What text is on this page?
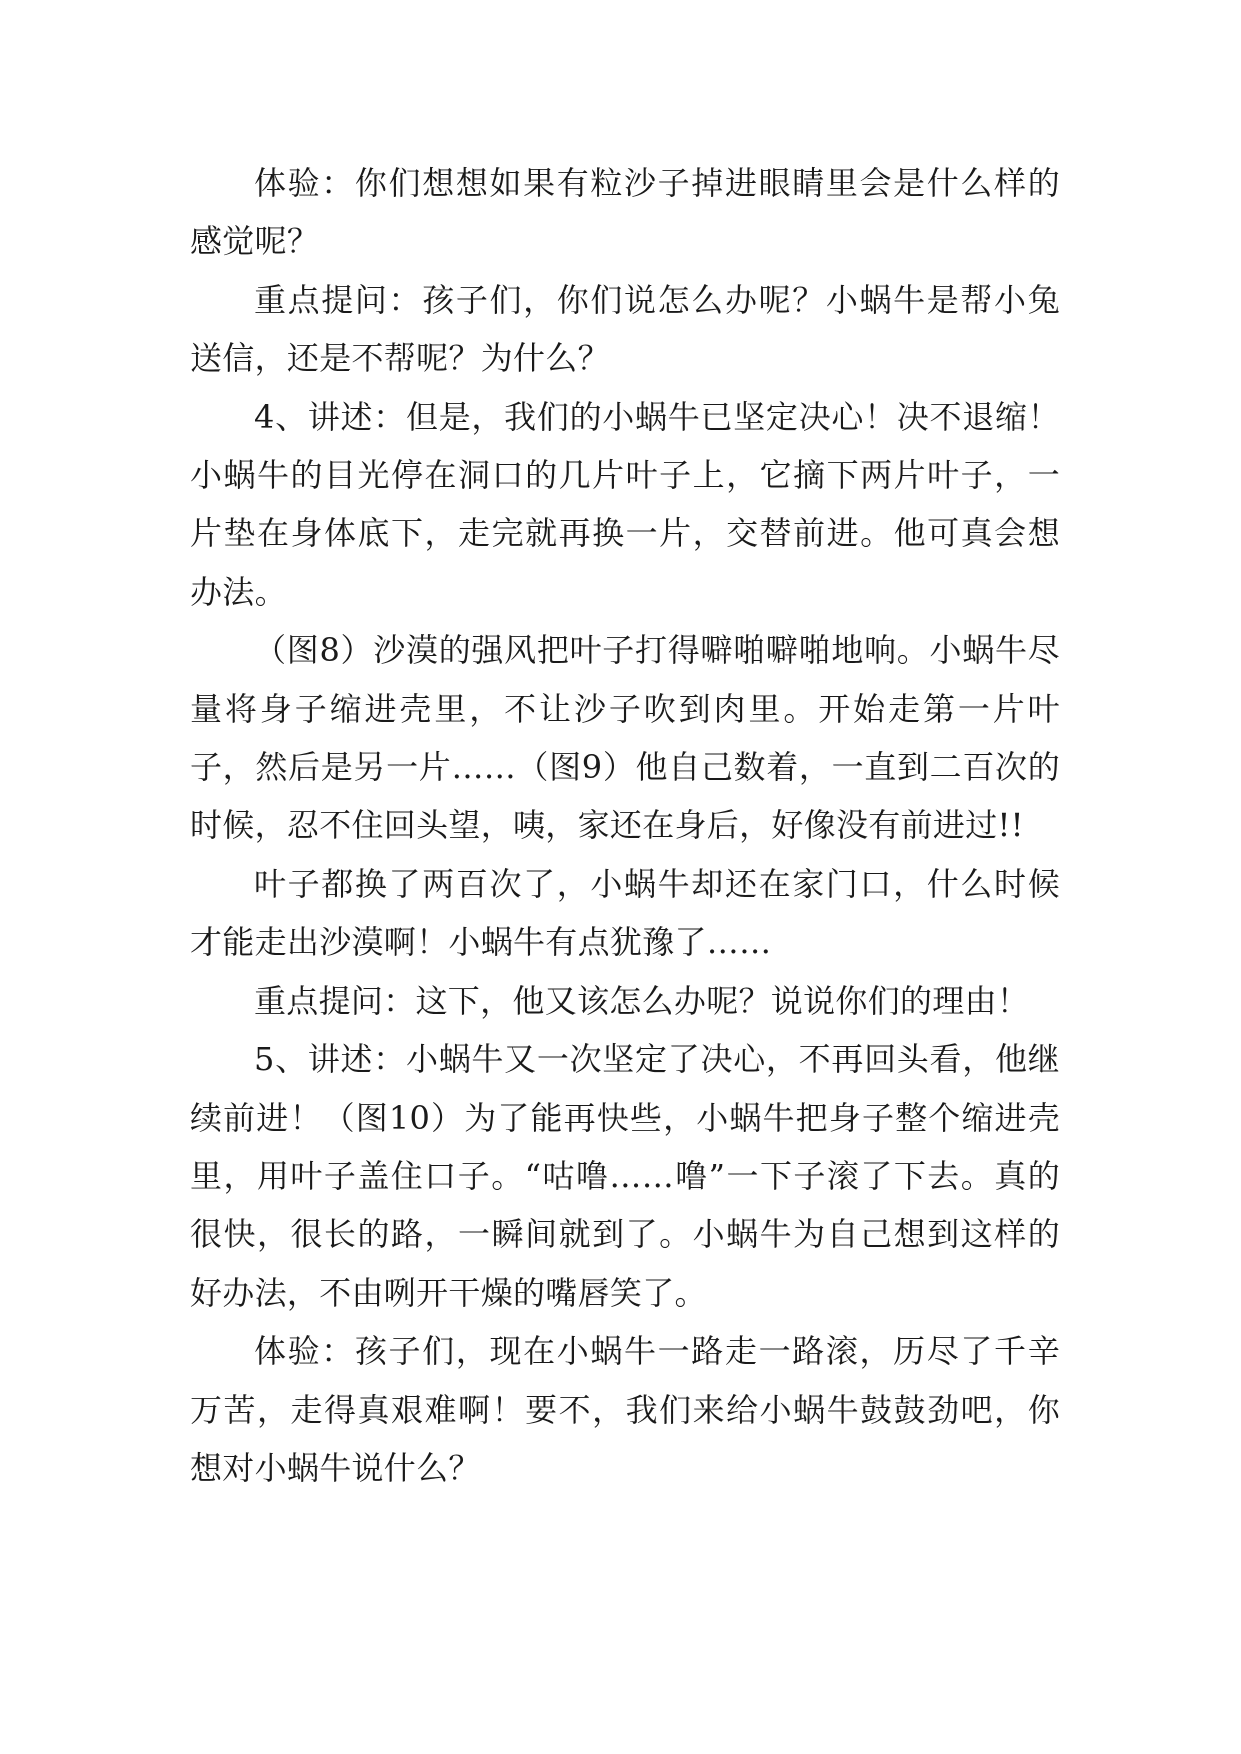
体验：你们想想如果有粒沙子掉进眼睛里会是什么样的感觉呢？

重点提问：孩子们，你们说怎么办呢？小蜗牛是帮小兔送信，还是不帮呢？为什么？

4、讲述：但是，我们的小蜗牛已坚定决心！决不退缩！小蜗牛的目光停在洞口的几片叶子上，它摘下两片叶子，一片垫在身体底下，走完就再换一片，交替前进。他可真会想办法。

（图8）沙漠的强风把叶子打得噼啪噼啪地响。小蜗牛尽量将身子缩进壳里，不让沙子吹到肉里。开始走第一片叶子，然后是另一片……（图9）他自己数着，一直到二百次的时候，忍不住回头望，咦，家还在身后，好像没有前进过!!

叶子都换了两百次了，小蜗牛却还在家门口，什么时候才能走出沙漠啊！小蜗牛有点犹豫了……

重点提问：这下，他又该怎么办呢？说说你们的理由！

5、讲述：小蜗牛又一次坚定了决心，不再回头看，他继续前进！（图10）为了能再快些，小蜗牛把身子整个缩进壳里，用叶子盖住口子。“咕噜……噜”一下子滚了下去。真的很快，很长的路，一瞬间就到了。小蜗牛为自己想到这样的好办法，不由咧开干燥的嘴唇笑了。

体验：孩子们，现在小蜗牛一路走一路滚，历尽了千辛万苦，走得真艰难啊！要不，我们来给小蜗牛鼓鼓劲吧，你想对小蜗牛说什么？
